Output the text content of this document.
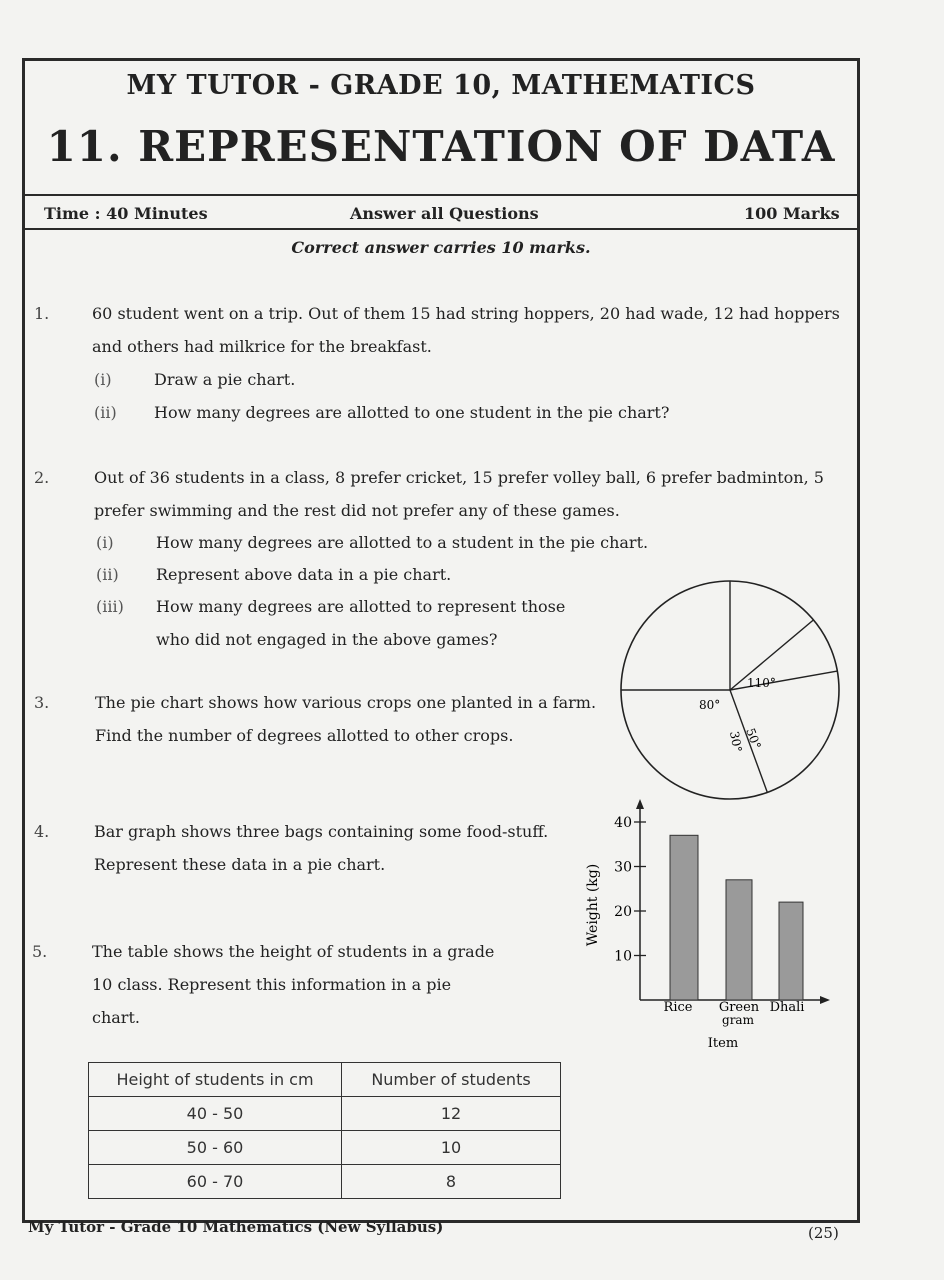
MY TUTOR - GRADE 10, MATHEMATICS
11. REPRESENTATION OF DATA
Time : 40 Minutes	Answer all Questions	100 Marks
Correct answer carries 10 marks.
1.	60 student went on a trip. Out of them 15 had string hoppers, 20 had wade, 12 had hoppers
and others had milkrice for the breakfast.
(i)	Draw a pie chart.
(ii) How many degrees are allotted to one student in the pie chart?
2.	Out of 36 students in a class, 8 prefer cricket, 15 prefer volley ball, 6 prefer badminton, 5
prefer swimming and the rest did not prefer any of these games.
(i)	How many degrees are allotted to a student in the pie chart.
(ii) Represent above data in a pie chart.
(iii) How many degrees are allotted to represent those
who did not engaged in the above games?
3.	The pie chart shows how various crops one planted in a farm.
Find the number of degrees allotted to other crops.
4.	Bar graph shows three bags containing some food-stuff.
Represent these data in a pie chart.
5.	The table shows the height of students in a grade
10 class. Represent this information in a pie
chart.
110°
80°
30°
50°
10
20
30
40
Weight (kg)
Rice Green
gram
Dhali
Item
Height of students in cm	Number of students
40 - 50	12
50 - 60	10
60 - 70	8
My Tutor - Grade 10 Mathematics (New Syllabus)	(25)
